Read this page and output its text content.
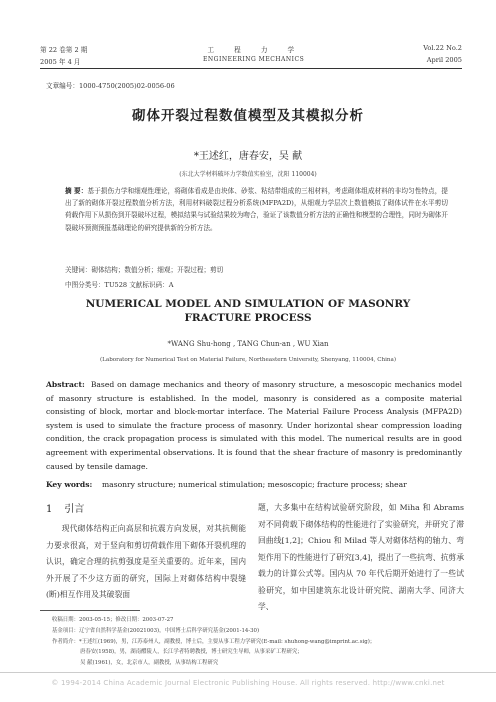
第 22 卷第 2 期	工 程 力 学	Vol.22 No.2
2005 年 4 月	ENGINEERING MECHANICS	April 2005
文章编号：1000-4750(2005)02-0056-06
砌体开裂过程数值模型及其模拟分析
*王述红，唐春安，吴 献
(东北大学材料破坏力学数值实验室，沈阳 110004)
摘 要：基于损伤力学和细观性理论，将砌体看成是由块体、砂浆、粘结带组成的三相材料，考虑砌体组成材料的非均匀性特点，提出了新的砌体开裂过程数值分析方法，利用材料破裂过程分析系统(MFPA2D)，从细观力学层次上数值模拟了砌体试件在水平剪切荷载作用下从损伤到开裂破坏过程，模拟结果与试验结果较为吻合，验证了该数值分析方法的正确性和模型的合理性，同时为砌体开裂破坏预测预报基础理论的研究提供新的分析方法。
关键词：砌体结构；数值分析；细观；开裂过程；剪切
中图分类号：TU528 文献标识码：A
NUMERICAL MODEL AND SIMULATION OF MASONRY FRACTURE PROCESS
*WANG Shu-hong , TANG Chun-an , WU Xian
(Laboratory for Numerical Test on Material Failure, Northeastern University, Shenyang, 110004, China)
Abstract: Based on damage mechanics and theory of masonry structure, a mesoscopic mechanics model of masonry structure is established. In the model, masonry is considered as a composite material consisting of block, mortar and block-mortar interface. The Material Failure Process Analysis (MFPA2D) system is used to simulate the fracture process of masonry. Under horizontal shear compression loading condition, the crack propagation process is simulated with this model. The numerical results are in good agreement with experimental observations. It is found that the shear fracture of masonry is predominantly caused by tensile damage.
Key words: masonry structure; numerical stimulation; mesoscopic; fracture process; shear
1 引言

现代砌体结构正向高层和抗震方向发展，对其抗侧能力要求很高，对于竖向和剪切荷载作用下砌体开裂机理的认识，确定合理的抗剪强度是至关重要的。近年来，国内外开展了不少这方面的研究，国际上对砌体结构中裂缝(断)相互作用及其破裂面

题，大多集中在结构试验研究阶段，如 Miha 和 Abrams 对不同荷载下砌体结构的性能进行了实验研究，并研究了滞回曲线[1,2]；Chiou 和 Milad 等人对砌体结构的轴力、弯矩作用下的性能进行了研究[3,4]，提出了一些抗弯、抗剪承载力的计算公式等。国内从 70 年代后期开始进行了一些试验研究，如中国建筑东北设计研究院、湖南大学、同济大学、

收稿日期：2003-05-15；修改日期：2003-07-27
基金项目：辽宁省自然科学基金(20021003)，中国博士后科学研究基金(2001-14-30)
作者简介：*王述红(1969)，男，江苏泰州人，副教授，博士后，主要从事工程力学研究(E-mail: shuhong-wang@imprint.ac.sig)；
唐春安(1958)，男，湖南醴陵人，长江学者特聘教授，博士研究生导师，从事采矿工程研究；
吴 献(1961)，女，北京市人，副教授，从事结构工程研究
© 1994-2014 China Academic Journal Electronic Publishing House. All rights reserved. http://www.cnki.net
